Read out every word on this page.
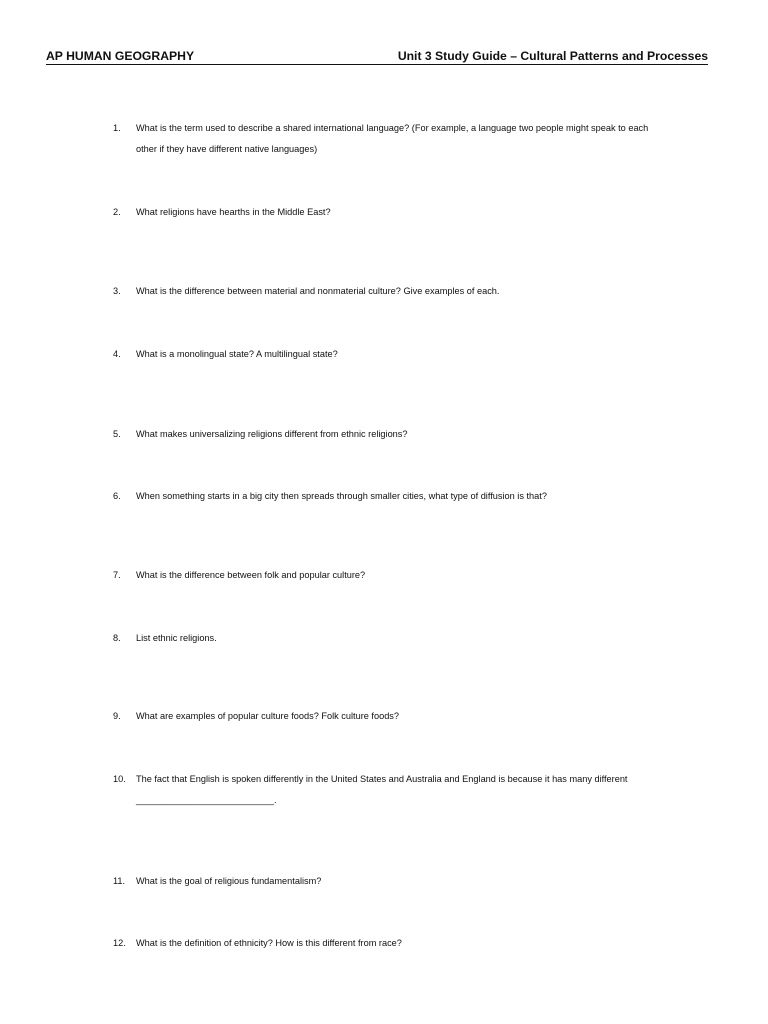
AP HUMAN GEOGRAPHY	Unit 3 Study Guide – Cultural Patterns and Processes
1. What is the term used to describe a shared international language? (For example, a language two people might speak to each
other if they have different native languages)
2. What religions have hearths in the Middle East?
3. What is the difference between material and nonmaterial culture? Give examples of each.
4. What is a monolingual state? A multilingual state?
5. What makes universalizing religions different from ethnic religions?
6. When something starts in a big city then spreads through smaller cities, what type of diffusion is that?
7. What is the difference between folk and popular culture?
8. List ethnic religions.
9. What are examples of popular culture foods? Folk culture foods?
10. The fact that English is spoken differently in the United States and Australia and England is because it has many different
___________________________.
11. What is the goal of religious fundamentalism?
12. What is the definition of ethnicity? How is this different from race?
